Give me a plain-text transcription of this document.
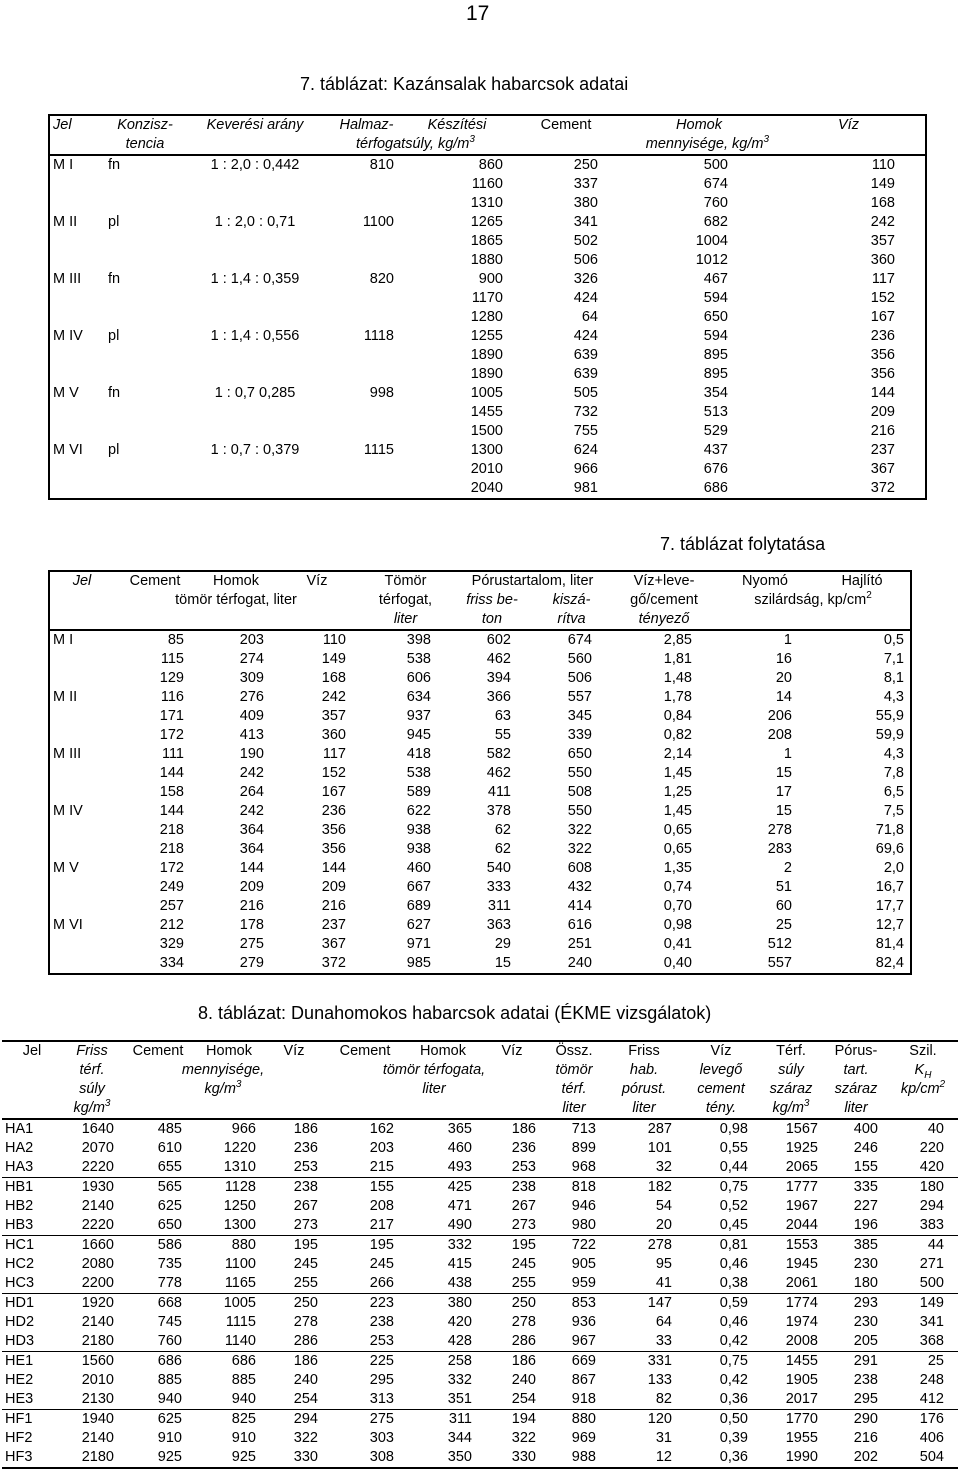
17
7. táblázat: Kazánsalak habarcsok adatai
Jel	Konzisz-	Keverési arány	Halmaz-	Készítési	Cement	Homok	Víz
	tencia		térfogatsúly, $kg/m^3$		mennyisége, $kg/m^3$	
M I	fn	1 : 2,0 : 0,442	810	860	250	500	110
				1160	337	674	149
				1310	380	760	168
M II	pl	1 : 2,0 : 0,71	1100	1265	341	682	242
				1865	502	1004	357
				1880	506	1012	360
M III	fn	1 : 1,4 : 0,359	820	900	326	467	117
				1170	424	594	152
				1280	64	650	167
M IV	pl	1 : 1,4 : 0,556	1118	1255	424	594	236
				1890	639	895	356
				1890	639	895	356
M V	fn	1 : 0,7 0,285	998	1005	505	354	144
				1455	732	513	209
				1500	755	529	216
M VI	pl	1 : 0,7 : 0,379	1115	1300	624	437	237
				2010	966	676	367
				2040	981	686	372
7. táblázat folytatása
Jel	Cement	Homok	Víz	Tömör	Pórustartalom, liter		Víz+leve-	Nyomó	Hajlító
	tömör térfogat, liter			térfogat,	friss be-	kiszá-	gő/cement	szilárdság, $kp/cm^2$
				liter	ton	rítva	tényező		
M I	85	203	110	398	602	674	2,85	1	0,5
	115	274	149	538	462	560	1,81	16	7,1
	129	309	168	606	394	506	1,48	20	8,1
M II	116	276	242	634	366	557	1,78	14	4,3
	171	409	357	937	63	345	0,84	206	55,9
	172	413	360	945	55	339	0,82	208	59,9
M III	111	190	117	418	582	650	2,14	1	4,3
	144	242	152	538	462	550	1,45	15	7,8
	158	264	167	589	411	508	1,25	17	6,5
M IV	144	242	236	622	378	550	1,45	15	7,5
	218	364	356	938	62	322	0,65	278	71,8
	218	364	356	938	62	322	0,65	283	69,6
M V	172	144	144	460	540	608	1,35	2	2,0
	249	209	209	667	333	432	0,74	51	16,7
	257	216	216	689	311	414	0,70	60	17,7
M VI	212	178	237	627	363	616	0,98	25	12,7
	329	275	367	971	29	251	0,41	512	81,4
	334	279	372	985	15	240	0,40	557	82,4
8. táblázat: Dunahomokos habarcsok adatai (ÉKME vizsgálatok)
Jel	Friss	Cement	Homok	Víz	Cement	Homok	Víz	Össz.	Friss	Víz	Térf.	Pórus-	Szil.
	térf.	mennyisége,			tömör térfogata,			tömör	hab.	levegő	súly	tart.	$K_H$
	súly	$kg/m^3$			liter			térf.	pórust.	cement	száraz	száraz	$kp/cm^2$
	$kg/m^3$							liter	liter	tény.	$kg/m^3$	liter	
HA1	1640	485	966	186	162	365	186	713	287	0,98	1567	400	40
HA2	2070	610	1220	236	203	460	236	899	101	0,55	1925	246	220
HA3	2220	655	1310	253	215	493	253	968	32	0,44	2065	155	420
HB1	1930	565	1128	238	155	425	238	818	182	0,75	1777	335	180
HB2	2140	625	1250	267	208	471	267	946	54	0,52	1967	227	294
HB3	2220	650	1300	273	217	490	273	980	20	0,45	2044	196	383
HC1	1660	586	880	195	195	332	195	722	278	0,81	1553	385	44
HC2	2080	735	1100	245	245	415	245	905	95	0,46	1945	230	271
HC3	2200	778	1165	255	266	438	255	959	41	0,38	2061	180	500
HD1	1920	668	1005	250	223	380	250	853	147	0,59	1774	293	149
HD2	2140	745	1115	278	238	420	278	936	64	0,46	1974	230	341
HD3	2180	760	1140	286	253	428	286	967	33	0,42	2008	205	368
HE1	1560	686	686	186	225	258	186	669	331	0,75	1455	291	25
HE2	2010	885	885	240	295	332	240	867	133	0,42	1905	238	248
HE3	2130	940	940	254	313	351	254	918	82	0,36	2017	295	412
HF1	1940	625	825	294	275	311	194	880	120	0,50	1770	290	176
HF2	2140	910	910	322	303	344	322	969	31	0,39	1955	216	406
HF3	2180	925	925	330	308	350	330	988	12	0,36	1990	202	504
